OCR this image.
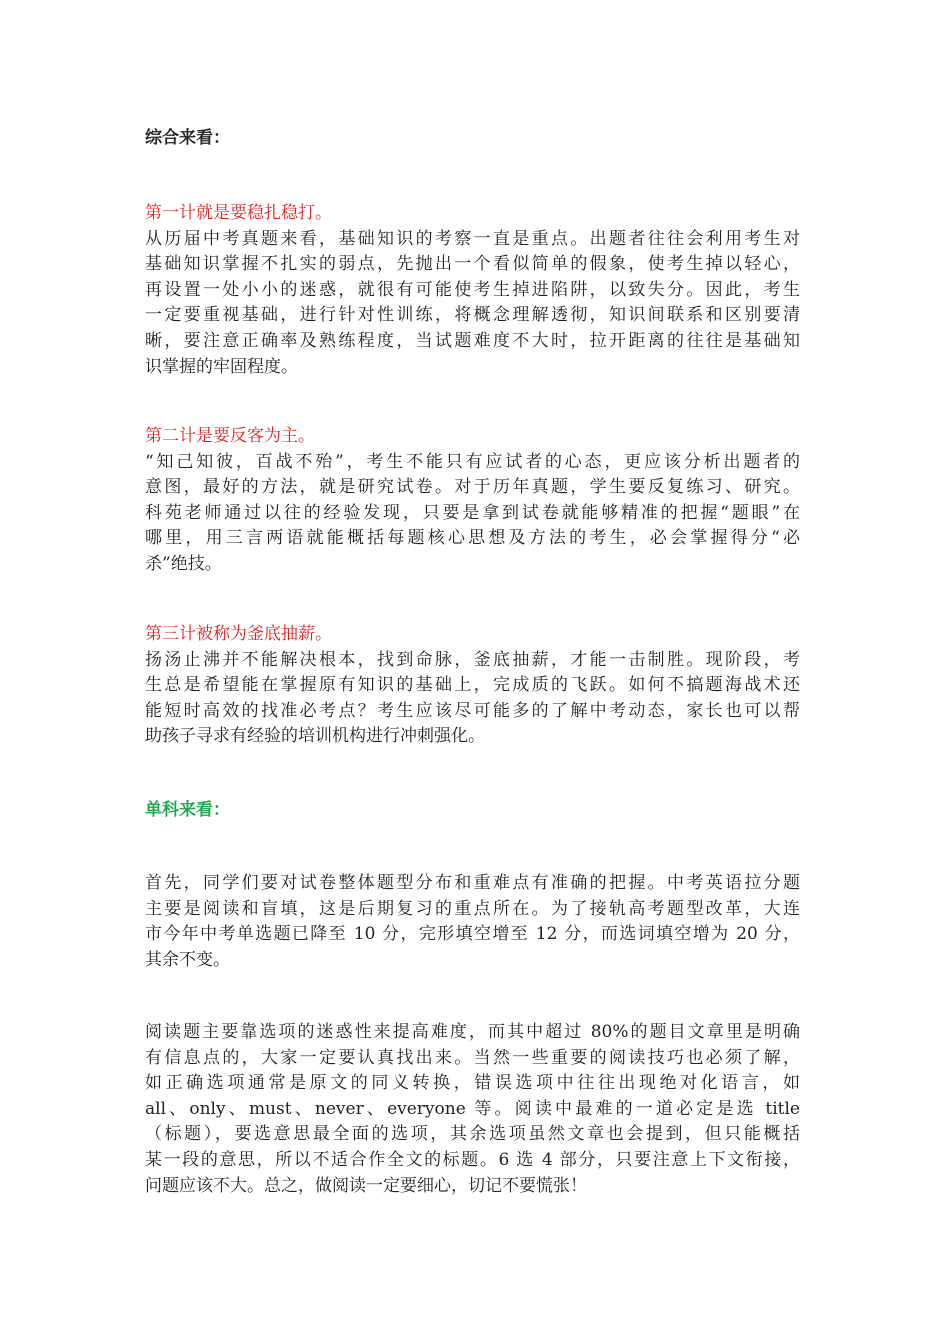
综合来看：

第一计就是要稳扎稳打。

从历届中考真题来看，基础知识的考察一直是重点。出题者往往会利用考生对
基础知识掌握不扎实的弱点，先抛出一个看似简单的假象，使考生掉以轻心，
再设置一处小小的迷惑，就很有可能使考生掉进陷阱，以致失分。因此，考生
一定要重视基础，进行针对性训练，将概念理解透彻，知识间联系和区别要清
晰，要注意正确率及熟练程度，当试题难度不大时，拉开距离的往往是基础知
识掌握的牢固程度。

第二计是要反客为主。

“知己知彼，百战不殆”，考生不能只有应试者的心态，更应该分析出题者的
意图，最好的方法，就是研究试卷。对于历年真题，学生要反复练习、研究。
科苑老师通过以往的经验发现，只要是拿到试卷就能够精准的把握“题眼”在
哪里，用三言两语就能概括每题核心思想及方法的考生，必会掌握得分“必
杀”绝技。

第三计被称为釜底抽薪。

扬汤止沸并不能解决根本，找到命脉，釜底抽薪，才能一击制胜。现阶段，考
生总是希望能在掌握原有知识的基础上，完成质的飞跃。如何不搞题海战术还
能短时高效的找准必考点？考生应该尽可能多的了解中考动态，家长也可以帮
助孩子寻求有经验的培训机构进行冲刺强化。
单科来看：
首先，同学们要对试卷整体题型分布和重难点有准确的把握。中考英语拉分题
主要是阅读和盲填，这是后期复习的重点所在。为了接轨高考题型改革，大连
市今年中考单选题已降至 10 分，完形填空增至 12 分，而选词填空增为 20 分，
其余不变。
阅读题主要靠选项的迷惑性来提高难度，而其中超过 80%的题目文章里是明确
有信息点的，大家一定要认真找出来。当然一些重要的阅读技巧也必须了解，
如正确选项通常是原文的同义转换，错误选项中往往出现绝对化语言，如
all、only、must、never、everyone 等。阅读中最难的一道必定是选 title
（标题），要选意思最全面的选项，其余选项虽然文章也会提到，但只能概括
某一段的意思，所以不适合作全文的标题。6 选 4 部分，只要注意上下文衔接，
问题应该不大。总之，做阅读一定要细心，切记不要慌张！
